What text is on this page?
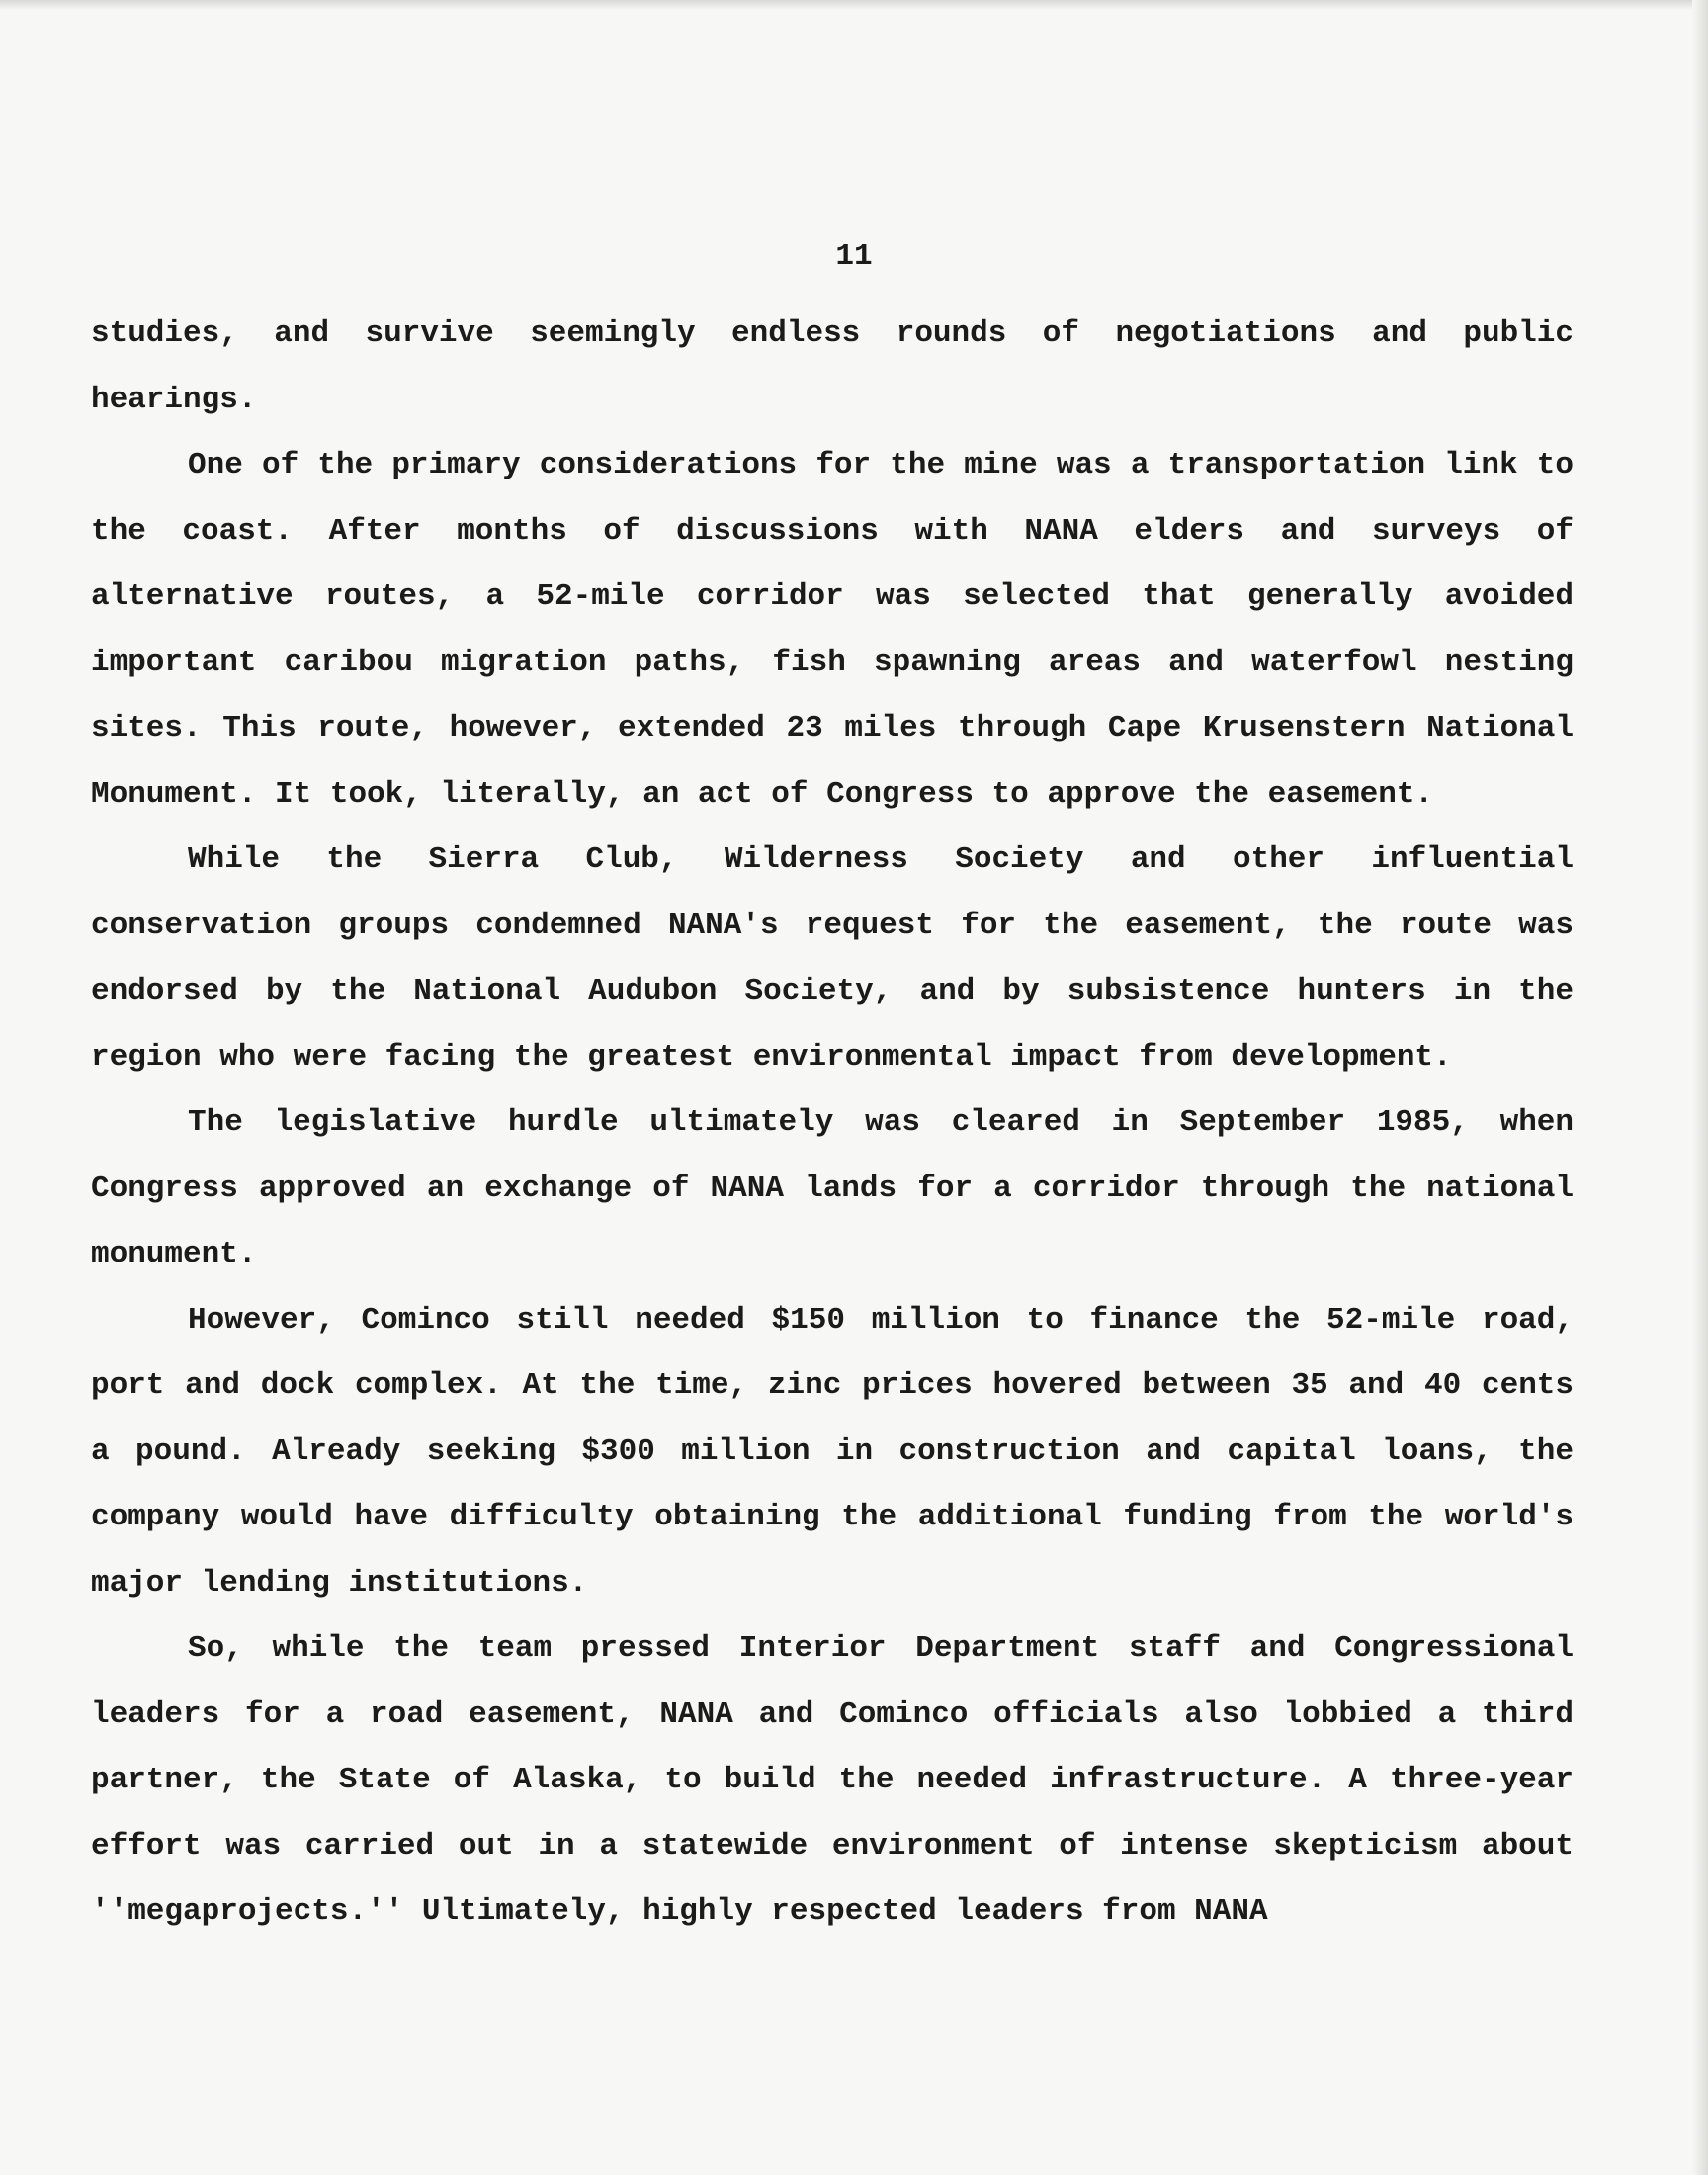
11

studies, and survive seemingly endless rounds of negotiations and public hearings.

One of the primary considerations for the mine was a transportation link to the coast. After months of discussions with NANA elders and surveys of alternative routes, a 52-mile corridor was selected that generally avoided important caribou migration paths, fish spawning areas and waterfowl nesting sites. This route, however, extended 23 miles through Cape Krusenstern National Monument. It took, literally, an act of Congress to approve the easement.

While the Sierra Club, Wilderness Society and other influential conservation groups condemned NANA's request for the easement, the route was endorsed by the National Audubon Society, and by subsistence hunters in the region who were facing the greatest environmental impact from development.

The legislative hurdle ultimately was cleared in September 1985, when Congress approved an exchange of NANA lands for a corridor through the national monument.

However, Cominco still needed $150 million to finance the 52-mile road, port and dock complex. At the time, zinc prices hovered between 35 and 40 cents a pound. Already seeking $300 million in construction and capital loans, the company would have difficulty obtaining the additional funding from the world's major lending institutions.

So, while the team pressed Interior Department staff and Congressional leaders for a road easement, NANA and Cominco officials also lobbied a third partner, the State of Alaska, to build the needed infrastructure. A three-year effort was carried out in a statewide environment of intense skepticism about ''megaprojects.'' Ultimately, highly respected leaders from NANA
